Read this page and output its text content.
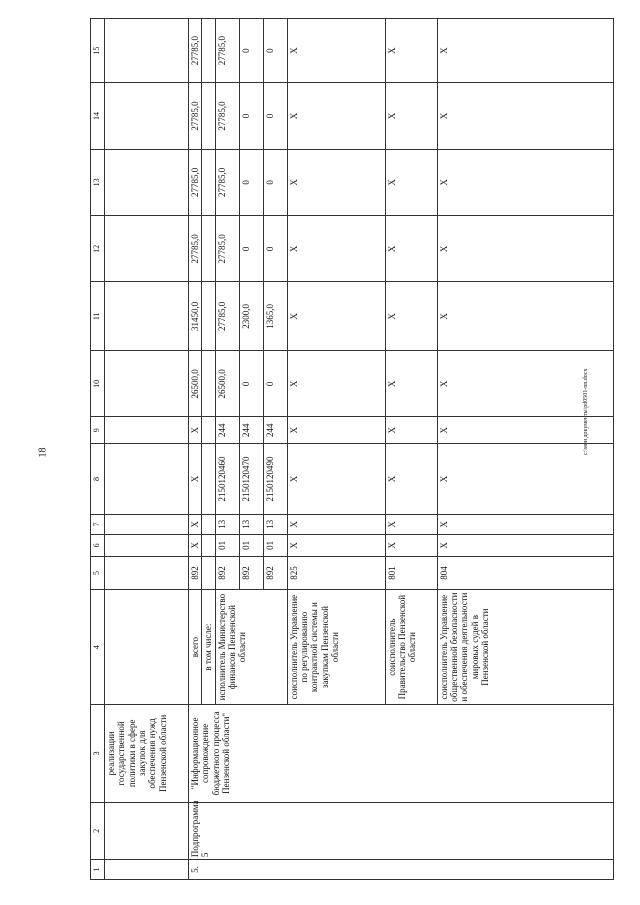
18	c:\мои документы\pd0501-nn.docx
1	2	3	4	5	6	7	8	9	10	11	12	13	14	15
		реализации государственной политики в сфере закупок для обеспечения нужд Пензенской области												
5.	Подпрограмма 5	"Информационное сопровождение бюджетного процесса Пензенской области"	всего	892	X	X	X	X	26500,0	31450,0	27785,0	27785,0	27785,0	27785,0
			в том числе:											
			исполнитель Министерство финансов Пензенской области	892	01	13	2150120460	244	26500,0	27785,0	27785,0	27785,0	27785,0	27785,0
				892	01	13	2150120470	244	0	2300,0	0	0	0	0
				892	01	13	2150120490	244	0	1365,0	0	0	0	0
			соисполнитель Управление по регулированию контрактной системы и закупкам Пензенской области	825	X	X	X	X	X	X	X	X	X	X
			соисполнитель Правительство Пензенской области	801	X	X	X	X	X	X	X	X	X	X
			соисполнитель Управление общественной безопасности и обеспечения деятельности мировых судей в Пензенской области	804	X	X	X	X	X	X	X	X	X	X
